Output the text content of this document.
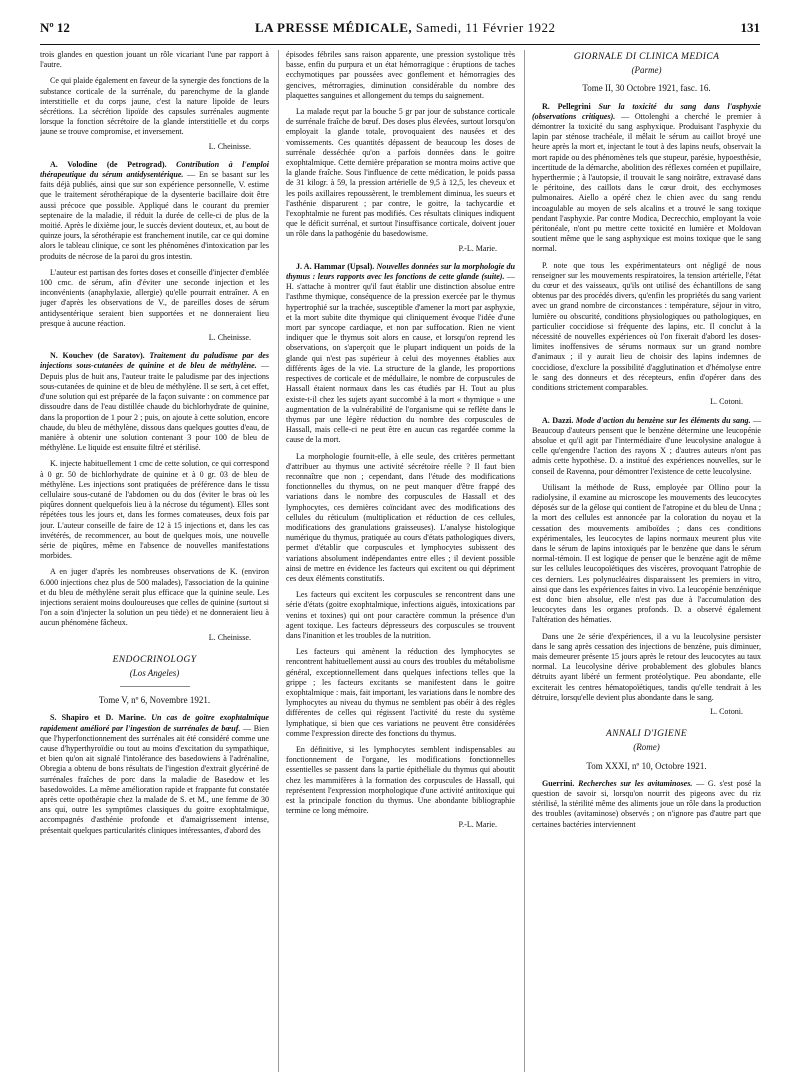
Nº 12	LA PRESSE MÉDICALE, Samedi, 11 Février 1922	131

trois glandes en question jouant un rôle vicariant l'une par rapport à l'autre.

Ce qui plaide également en faveur de la synergie des fonctions de la substance corticale de la surrénale, du parenchyme de la glande interstitielle et du corps jaune, c'est la nature lipoïde de leurs sécrétions. La sécrétion lipoïde des capsules surrénales augmente lorsque la fonction sécrétoire de la glande interstitielle et du corps jaune se trouve compromise, et inversement.

L. Cheinisse.

A. Volodine (de Petrograd). Contribution à l'emploi thérapeutique du sérum antidysentérique. — En se basant sur les faits déjà publiés, ainsi que sur son expérience personnelle, V. estime que le traitement sérothérapique de la dysenterie bacillaire doit être aussi précoce que possible. Appliqué dans le courant du premier septenaire de la maladie, il réduit la durée de celle-ci de plus de la moitié. Après le dixième jour, le succès devient douteux, et, au bout de quinze jours, la sérothérapie est franchement inutile, car ce qui domine alors le tableau clinique, ce sont les phénomènes d'intoxication par les produits de nécrose de la paroi du gros intestin.

L'auteur est partisan des fortes doses et conseille d'injecter d'emblée 100 cmc. de sérum, afin d'éviter une seconde injection et les inconvénients (anaphylaxie, allergie) qu'elle pourrait entraîner. A en juger d'après les observations de V., de pareilles doses de sérum antidysentérique seraient bien supportées et ne donneraient lieu presque à aucune réaction.

L. Cheinisse.

N. Kouchev (de Saratov). Traitement du paludisme par des injections sous-cutanées de quinine et de bleu de méthylène. — Depuis plus de huit ans, l'auteur traite le paludisme par des injections sous-cutanées de quinine et de bleu de méthylène. Il se sert, à cet effet, d'une solution qui est préparée de la façon suivante : on commence par dissoudre dans de l'eau distillée chaude du bichlorhydrate de quinine, dans la proportion de 1 pour 2 ; puis, on ajoute à cette solution, encore chaude, du bleu de méthylène, dissous dans quelques gouttes d'eau, de manière à obtenir une solution contenant 3 pour 100 de bleu de méthylène. Le liquide est ensuite filtré et stérilisé.

K. injecte habituellement 1 cmc de cette solution, ce qui correspond à 0 gr. 50 de bichlorhydrate de quinine et à 0 gr. 03 de bleu de méthylène. Les injections sont pratiquées de préférence dans le tissu cellulaire sous-cutané de l'abdomen ou du dos (éviter le bras où les piqûres donnent quelquefois lieu à la nécrose du tégument). Elles sont répétées tous les jours et, dans les formes comateuses, deux fois par jour. L'auteur conseille de faire de 12 à 15 injections et, dans les cas invétérés, de recommencer, au bout de quelques mois, une nouvelle série de piqûres, même en l'absence de nouvelles manifestations morbides.

A en juger d'après les nombreuses observations de K. (environ 6.000 injections chez plus de 500 malades), l'association de la quinine et du bleu de méthylène serait plus efficace que la quinine seule. Les injections seraient moins douloureuses que celles de quinine (surtout si l'on a soin d'injecter la solution un peu tiède) et ne donneraient lieu à aucun phénomène fâcheux.

L. Cheinisse.
ENDOCRINOLOGY
(Los Angeles)
Tome V, nº 6, Novembre 1921.

S. Shapiro et D. Marine. Un cas de goitre exophtalmique rapidement amélioré par l'ingestion de surrénales de bœuf. — Bien que l'hyperfonctionnement des surrénales ait été considéré comme une cause d'hyperthyroïdie ou tout au moins d'excitation du sympathique, et bien qu'on ait signalé l'intolérance des basedowiens à l'adrénaline, Obregia a obtenu de bons résultats de l'ingestion d'extrait glycériné de surrénales fraîches de porc dans la maladie de Basedow et les basedowoïdes. La même amélioration rapide et frappante fut constatée après cette opothérapie chez la malade de S. et M., une femme de 30 ans qui, outre les symptômes classiques du goitre exophtalmique, accompagnés d'asthénie profonde et d'amaigrissement intense, présentait quelques particularités cliniques intéressantes, d'abord des

épisodes fébriles sans raison apparente, une pression systolique très basse, enfin du purpura et un état hémorragique : éruptions de taches ecchymotiques par poussées avec gonflement et hémorragies des gencives, métrorragies, diminution considérable du nombre des plaquettes sanguines et allongement du temps du saignement.

La malade reçut par la bouche 5 gr par jour de substance corticale de surrénale fraîche de bœuf. Des doses plus élevées, surtout lorsqu'on employait la glande totale, provoquaient des nausées et des vomissements. Ces quantités dépassent de beaucoup les doses de surrénale desséchée qu'on a parfois données dans le goitre exophtalmique. Cette dernière préparation se montra moins active que la glande fraîche. Sous l'influence de cette médication, le poids passa de 31 kilogr. à 59, la pression artérielle de 9,5 à 12,5, les cheveux et les poils axillaires repoussèrent, le tremblement diminua, les sueurs et l'asthénie disparurent ; par contre, le goitre, la tachycardie et l'exophtalmie ne furent pas modifiés. Ces résultats cliniques indiquent que le déficit surrénal, et surtout l'insuffisance corticale, doivent jouer un rôle dans la pathogénie du basedowisme.

P.-L. Marie.

J. A. Hammar (Upsal). Nouvelles données sur la morphologie du thymus : leurs rapports avec les fonctions de cette glande (suite). — H. s'attache à montrer qu'il faut établir une distinction absolue entre l'asthme thymique, conséquence de la pression exercée par le thymus hypertrophié sur la trachée, susceptible d'amener la mort par asphyxie, et la mort subite dite thymique qui cliniquement évoque l'idée d'une mort par syncope cardiaque, et non par suffocation. Rien ne vient indiquer que le thymus soit alors en cause, et lorsqu'on reprend les observations, on s'aperçoit que le plupart indiquent un poids de la glande qui n'est pas supérieur à celui des moyennes établies aux différents âges de la vie. La structure de la glande, les proportions respectives de corticale et de médullaire, le nombre de corpuscules de Hassall étaient normaux dans les cas étudiés par H. Tout au plus existe-t-il chez les sujets ayant succombé à la mort « thymique » une augmentation de la vulnérabilité de l'organisme qui se reflète dans le thymus par une légère réduction du nombre des corpuscules de Hassall, mais celle-ci ne peut être en aucun cas regardée comme la cause de la mort.

La morphologie fournit-elle, à elle seule, des critères permettant d'attribuer au thymus une activité sécrétoire réelle ? Il faut bien reconnaître que non ; cependant, dans l'étude des modifications fonctionnelles du thymus, on ne peut manquer d'être frappé des variations dans le nombre des corpuscules de Hassall et des lymphocytes, ces dernières coïncidant avec des modifications des cellules du réticulum (multiplication et réduction de ces cellules, modifications des granulations graisseuses). L'analyse histologique numérique du thymus, pratiquée au cours d'états pathologiques divers, permet d'établir que corpuscules et lymphocytes subissent des variations absolument indépendantes entre elles ; il devient possible ainsi de mettre en évidence les facteurs qui excitent ou qui dépriment ces deux éléments constitutifs.

Les facteurs qui excitent les corpuscules se rencontrent dans une série d'états (goitre exophtalmique, infections aiguës, intoxications par venins et toxines) qui ont pour caractère commun la présence d'un agent toxique. Les facteurs dépresseurs des corpuscules se trouvent dans l'inanition et les troubles de la nutrition.

Les facteurs qui amènent la réduction des lymphocytes se rencontrent habituellement aussi au cours des troubles du métabolisme général, exceptionnellement dans quelques infections telles que la grippe ; les facteurs excitants se manifestent dans le goitre exophtalmique : mais, fait important, les variations dans le nombre des lymphocytes au niveau du thymus ne semblent pas obéir à des règles différentes de celles qui régissent l'activité du reste du système lymphatique, si bien que ces variations ne peuvent être considérées comme l'expression directe des fonctions du thymus.

En définitive, si les lymphocytes semblent indispensables au fonctionnement de l'organe, les modifications fonctionnelles essentielles se passent dans la partie épithéliale du thymus qui aboutit chez les mammifères à la formation des corpuscules de Hassall, qui représentent l'expression morphologique d'une activité antitoxique qui est la principale fonction du thymus. Une abondante bibliographie termine ce long mémoire.

P.-L. Marie.
GIORNALE DI CLINICA MEDICA
(Parme)
Tome II, 30 Octobre 1921, fasc. 16.

R. Pellegrini Sur la toxicité du sang dans l'asphyxie (observations critiques). — Ottolenghi a cherché le premier à démontrer la toxicité du sang asphyxique. Produisant l'asphyxie du lapin par sténose trachéale, il mêlait le sérum au caillot broyé une heure après la mort et, injectant le tout à des lapins neufs, observait la mort rapide ou des phénomènes tels que stupeur, parésie, hypoesthésie, incertitude de la démarche, abolition des réflexes cornéen et pupillaire, hyperthermie ; à l'autopsie, il trouvait le sang noirâtre, extravasé dans le péritoine, des caillots dans le cœur droit, des ecchymoses pulmonaires. Aiello a opéré chez le chien avec du sang rendu incoagulable au moyen de sels alcalins et a trouvé le sang toxique pendant l'asphyxie. Par contre Modica, Decrecchio, employant la voie péritonéale, n'ont pu mettre cette toxicité en lumière et Moldovan soutient même que le sang asphyxique est moins toxique que le sang normal.

P. note que tous les expérimentateurs ont négligé de nous renseigner sur les mouvements respiratoires, la tension artérielle, l'état du cœur et des vaisseaux, qu'ils ont utilisé des échantillons de sang obtenus par des procédés divers, qu'enfin les propriétés du sang varient avec un grand nombre de circonstances : température, séjour in vitro, lumière ou obscurité, conditions physiologiques ou pathologiques, en particulier coccidiose si fréquente des lapins, etc. Il conclut à la nécessité de nouvelles expériences où l'on fixerait d'abord les doses-limites inoffensives de sérums normaux sur un grand nombre d'animaux ; il y aurait lieu de choisir des lapins indemnes de coccidiose, d'exclure la possibilité d'agglutination et d'hémolyse entre le sang des donneurs et des récepteurs, enfin d'opérer dans des conditions strictement comparables.

L. Cotoni.

A. Dazzi. Mode d'action du benzène sur les éléments du sang. — Beaucoup d'auteurs pensent que le benzène détermine une leucopénie absolue et qu'il agit par l'intermédiaire d'une leucolysine analogue à celle qu'engendre l'action des rayons X ; d'autres auteurs n'ont pas admis cette hypothèse. D. a institué des expériences nouvelles, sur le conseil de Ravenna, pour démontrer l'existence de cette leucolysine.

Utilisant la méthode de Russ, employée par Ollino pour la radiolysine, il examine au microscope les mouvements des leucocytes déposés sur de la gélose qui contient de l'atropine et du bleu de Unna ; la mort des cellules est annoncée par la coloration du noyau et la cessation des mouvements amiboïdes ; dans ces conditions expérimentales, les leucocytes de lapins normaux meurent plus vite dans le sérum de lapins intoxiqués par le benzène que dans le sérum normal-témoin. Il est logique de penser que le benzène agit de même sur les cellules leucopoïétiques des viscères, provoquant l'atrophie de ces derniers. Les polynucléaires disparaissent les premiers in vitro, ainsi que dans les expériences faites in vivo. La leucopénie benzénique est donc bien absolue, elle n'est pas due à l'accumulation des leucocytes dans les organes profonds. D. a observé également l'altération des hématies.

Dans une 2e série d'expériences, il a vu la leucolysine persister dans le sang après cessation des injections de benzène, puis diminuer, mais demeurer présente 15 jours après le retour des leucocytes au taux normal. La leucolysine dérive probablement des globules blancs détruits ayant libéré un ferment protéolytique. Peu abondante, elle exciterait les centres hématopoïétiques, tandis qu'elle tendrait à les détruire, lorsqu'elle devient plus abondante dans le sang.

L. Cotoni.
ANNALI D'IGIENE
(Rome)
Tom XXXI, nº 10, Octobre 1921.

Guerrini. Recherches sur les avitaminoses. — G. s'est posé la question de savoir si, lorsqu'on nourrit des pigeons avec du riz stérilisé, la stérilité même des aliments joue un rôle dans la production des troubles (avitaminose) observés ; on n'ignore pas d'autre part que certaines bactéries interviennent
